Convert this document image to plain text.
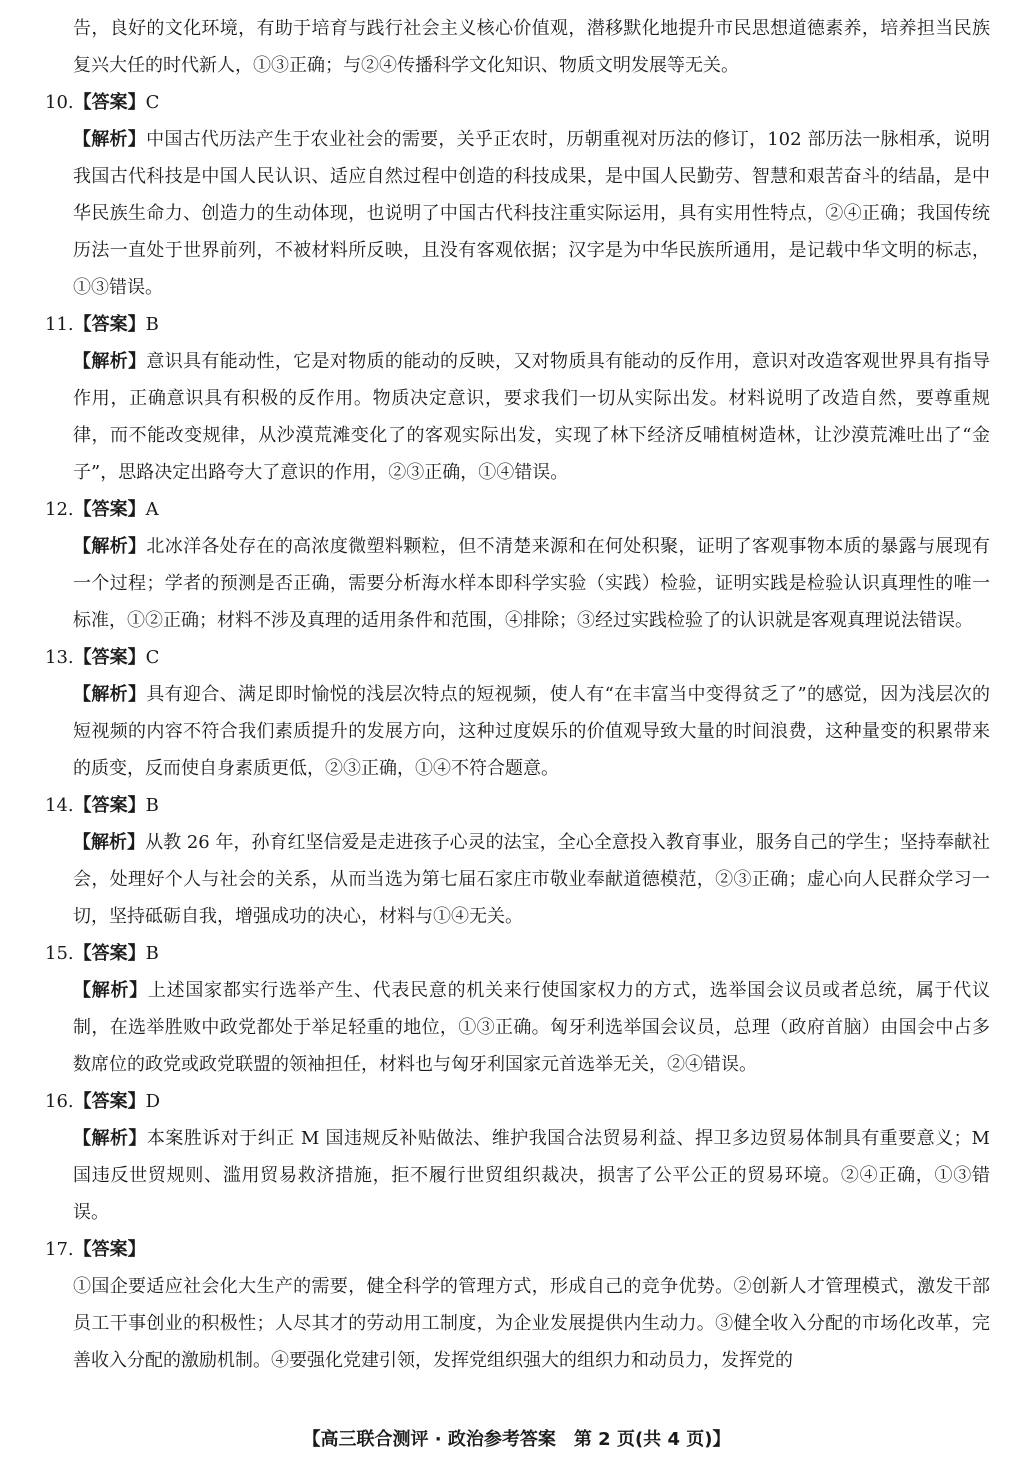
告，良好的文化环境，有助于培育与践行社会主义核心价值观，潜移默化地提升市民思想道德素养，培养担当民族复兴大任的时代新人，①③正确；与②④传播科学文化知识、物质文明发展等无关。

10.【答案】C

【解析】中国古代历法产生于农业社会的需要，关乎正农时，历朝重视对历法的修订，102 部历法一脉相承，说明我国古代科技是中国人民认识、适应自然过程中创造的科技成果，是中国人民勤劳、智慧和艰苦奋斗的结晶，是中华民族生命力、创造力的生动体现，也说明了中国古代科技注重实际运用，具有实用性特点，②④正确；我国传统历法一直处于世界前列，不被材料所反映，且没有客观依据；汉字是为中华民族所通用，是记载中华文明的标志，①③错误。

11.【答案】B

【解析】意识具有能动性，它是对物质的能动的反映，又对物质具有能动的反作用，意识对改造客观世界具有指导作用，正确意识具有积极的反作用。物质决定意识，要求我们一切从实际出发。材料说明了改造自然，要尊重规律，而不能改变规律，从沙漠荒滩变化了的客观实际出发，实现了林下经济反哺植树造林，让沙漠荒滩吐出了“金子”，思路决定出路夸大了意识的作用，②③正确，①④错误。

12.【答案】A

【解析】北冰洋各处存在的高浓度微塑料颗粒，但不清楚来源和在何处积聚，证明了客观事物本质的暴露与展现有一个过程；学者的预测是否正确，需要分析海水样本即科学实验（实践）检验，证明实践是检验认识真理性的唯一标准，①②正确；材料不涉及真理的适用条件和范围，④排除；③经过实践检验了的认识就是客观真理说法错误。

13.【答案】C

【解析】具有迎合、满足即时愉悦的浅层次特点的短视频，使人有“在丰富当中变得贫乏了”的感觉，因为浅层次的短视频的内容不符合我们素质提升的发展方向，这种过度娱乐的价值观导致大量的时间浪费，这种量变的积累带来的质变，反而使自身素质更低，②③正确，①④不符合题意。

14.【答案】B

【解析】从教 26 年，孙育红坚信爱是走进孩子心灵的法宝，全心全意投入教育事业，服务自己的学生；坚持奉献社会，处理好个人与社会的关系，从而当选为第七届石家庄市敬业奉献道德模范，②③正确；虚心向人民群众学习一切，坚持砥砺自我，增强成功的决心，材料与①④无关。

15.【答案】B

【解析】上述国家都实行选举产生、代表民意的机关来行使国家权力的方式，选举国会议员或者总统，属于代议制，在选举胜败中政党都处于举足轻重的地位，①③正确。匈牙利选举国会议员，总理（政府首脑）由国会中占多数席位的政党或政党联盟的领袖担任，材料也与匈牙利国家元首选举无关，②④错误。

16.【答案】D

【解析】本案胜诉对于纠正 M 国违规反补贴做法、维护我国合法贸易利益、捍卫多边贸易体制具有重要意义；M 国违反世贸规则、滥用贸易救济措施，拒不履行世贸组织裁决，损害了公平公正的贸易环境。②④正确，①③错误。

17.【答案】

①国企要适应社会化大生产的需要，健全科学的管理方式，形成自己的竞争优势。②创新人才管理模式，激发干部员工干事创业的积极性；人尽其才的劳动用工制度，为企业发展提供内生动力。③健全收入分配的市场化改革，完善收入分配的激励机制。④要强化党建引领，发挥党组织强大的组织力和动员力，发挥党的

【高三联合测评 · 政治参考答案　第 2 页(共 4 页)】
